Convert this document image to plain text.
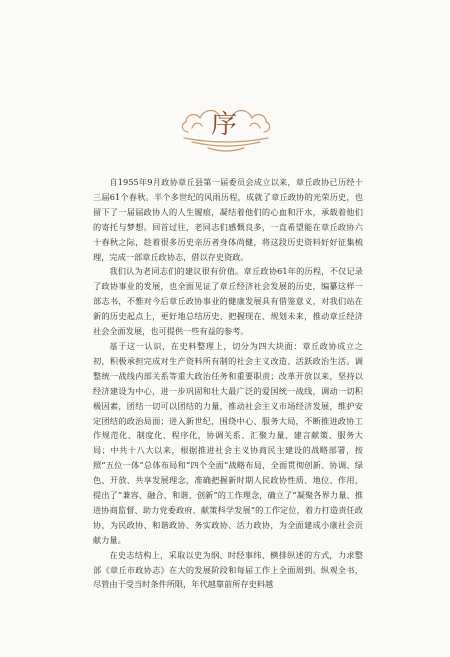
序

自1955年9月政协章丘县第一届委员会成立以来，章丘政协已历经十三届61个春秋。半个多世纪的风雨历程，成就了章丘政协的光荣历史，也留下了一届届政协人的人生履痕，凝结着他们的心血和汗水，承载着他们的寄托与梦想。回首过往，老同志们感慨良多，一直希望能在章丘政协六十春秋之际，趁着很多历史亲历者身体尚健，将这段历史资料好好征集梳理，完成一部章丘政协志，借以存史资政。

我们认为老同志们的建议很有价值。章丘政协61年的历程，不仅记录了政协事业的发展，也全面见证了章丘经济社会发展的历史，编纂这样一部志书，不惟对今后章丘政协事业的健康发展具有借鉴意义，对我们站在新的历史起点上，更好地总结历史、把握现在、规划未来，推动章丘经济社会全面发展，也可提供一些有益的参考。

基于这一认识，在史料整理上，切分为四大块面：章丘政协成立之初，积极承担完成对生产资料所有制的社会主义改造、活跃政治生活。调整统一战线内部关系等重大政治任务和重要职责；改革开放以来，坚持以经济建设为中心，进一步巩固和壮大最广泛的爱国统一战线，调动一切积极因素，团结一切可以团结的力量，推动社会主义市场经济发展，维护安定团结的政治局面；进入新世纪，围绕中心、服务大局，不断推进政协工作规范化、制度化、程序化，协调关系、汇聚力量、建言献策、服务大局；中共十八大以来，根据推进社会主义协商民主建设的战略部署，按照“五位一体”总体布局和“四个全面”战略布局，全面贯彻创新、协调、绿色、开放、共享发展理念，准确把握新时期人民政协性质、地位、作用，提出了“兼容、融合、和谐、创新”的工作理念，确立了“凝聚各界力量、推进协商监督、助力党委政府、献策科学发展”的工作定位，着力打造责任政协，为民政协、和谐政协、务实政协、活力政协，为全面建成小康社会贡献力量。

在史志结构上，采取以史为纲、时经事纬、横排纵述的方式，力求整部《章丘市政协志》在大的发展阶段和每届工作上全面周到。纵观全书，尽管由于受当时条件所限，年代越靠前所存史料越
